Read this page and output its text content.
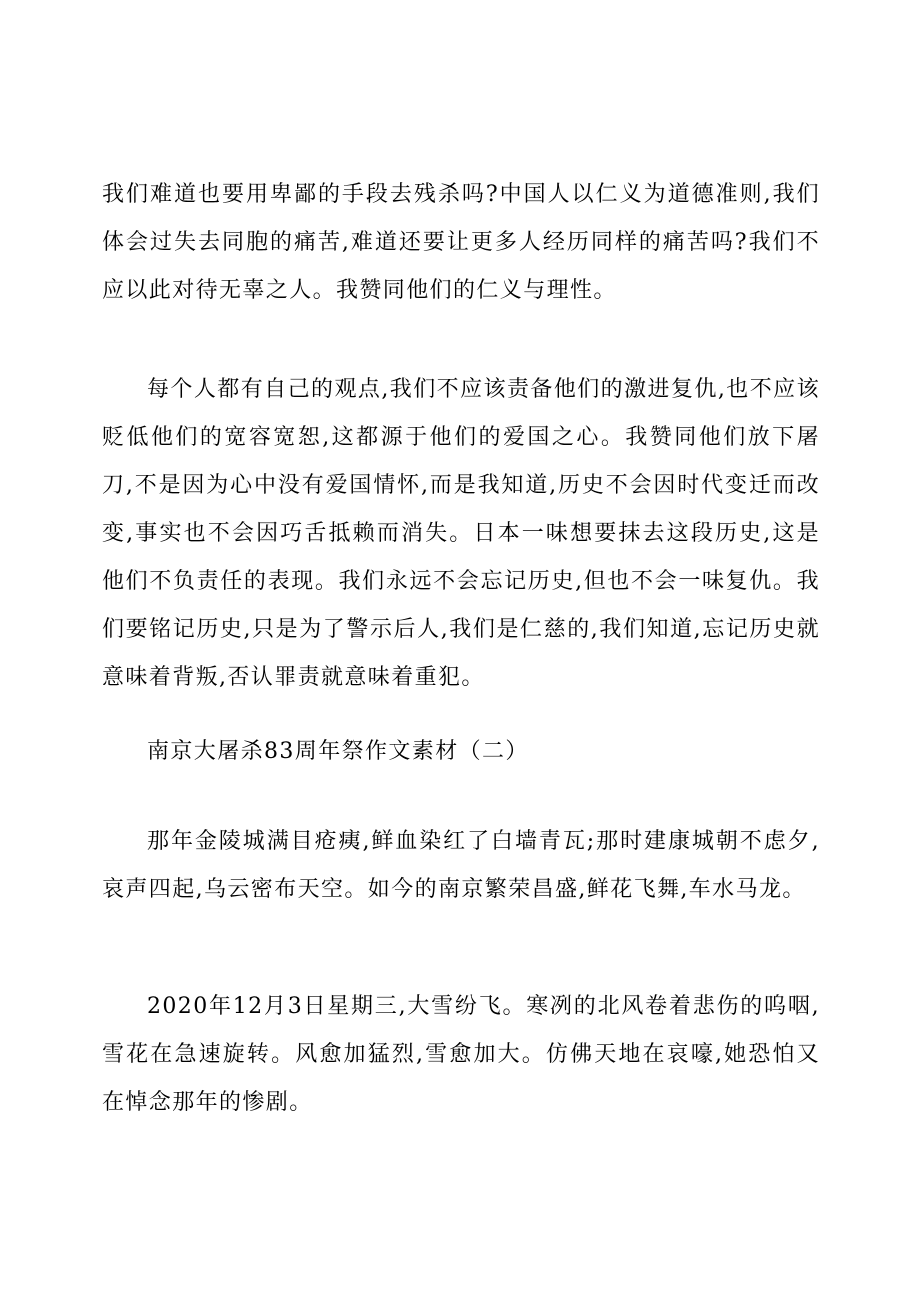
我们难道也要用卑鄙的手段去残杀吗?中国人以仁义为道德准则,我们体会过失去同胞的痛苦,难道还要让更多人经历同样的痛苦吗?我们不应以此对待无辜之人。我赞同他们的仁义与理性。

每个人都有自己的观点,我们不应该责备他们的激进复仇,也不应该贬低他们的宽容宽恕,这都源于他们的爱国之心。我赞同他们放下屠刀,不是因为心中没有爱国情怀,而是我知道,历史不会因时代变迁而改变,事实也不会因巧舌抵赖而消失。日本一味想要抹去这段历史,这是他们不负责任的表现。我们永远不会忘记历史,但也不会一味复仇。我们要铭记历史,只是为了警示后人,我们是仁慈的,我们知道,忘记历史就意味着背叛,否认罪责就意味着重犯。

南京大屠杀83周年祭作文素材（二）

那年金陵城满目疮痍,鲜血染红了白墙青瓦;那时建康城朝不虑夕,哀声四起,乌云密布天空。如今的南京繁荣昌盛,鲜花飞舞,车水马龙。

2020年12月3日星期三,大雪纷飞。寒冽的北风卷着悲伤的呜咽,雪花在急速旋转。风愈加猛烈,雪愈加大。仿佛天地在哀嚎,她恐怕又在悼念那年的惨剧。
